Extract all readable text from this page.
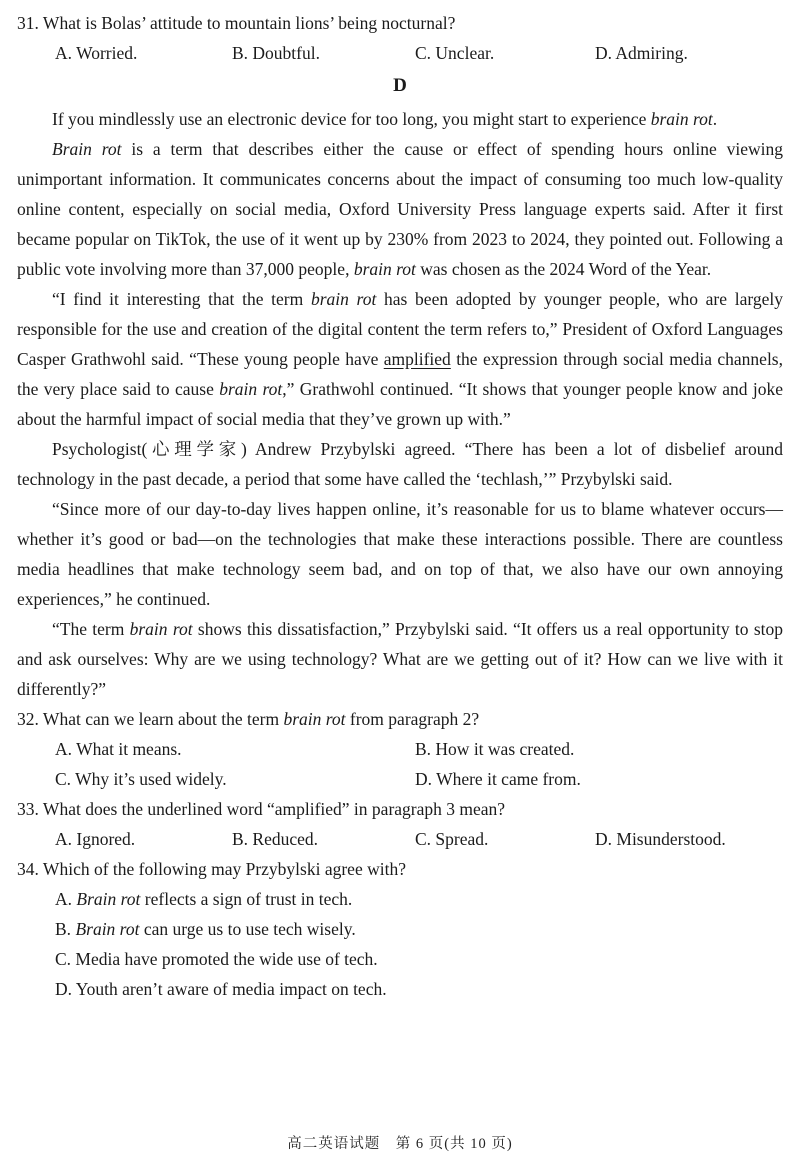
31. What is Bolas’ attitude to mountain lions’ being nocturnal?

A. Worried.	B. Doubtful.	C. Unclear.	D. Admiring.
D

If you mindlessly use an electronic device for too long, you might start to experience brain rot.

Brain rot is a term that describes either the cause or effect of spending hours online viewing unimportant information. It communicates concerns about the impact of consuming too much low-quality online content, especially on social media, Oxford University Press language experts said. After it first became popular on TikTok, the use of it went up by 230% from 2023 to 2024, they pointed out. Following a public vote involving more than 37,000 people, brain rot was chosen as the 2024 Word of the Year.

“I find it interesting that the term brain rot has been adopted by younger people, who are largely responsible for the use and creation of the digital content the term refers to,” President of Oxford Languages Casper Grathwohl said. “These young people have amplified the expression through social media channels, the very place said to cause brain rot,” Grathwohl continued. “It shows that younger people know and joke about the harmful impact of social media that they’ve grown up with.”

Psychologist(心理学家) Andrew Przybylski agreed. “There has been a lot of disbelief around technology in the past decade, a period that some have called the ‘techlash,’” Przybylski said.

“Since more of our day-to-day lives happen online, it’s reasonable for us to blame whatever occurs—whether it’s good or bad—on the technologies that make these interactions possible. There are countless media headlines that make technology seem bad, and on top of that, we also have our own annoying experiences,” he continued.

“The term brain rot shows this dissatisfaction,” Przybylski said. “It offers us a real opportunity to stop and ask ourselves: Why are we using technology? What are we getting out of it? How can we live with it differently?”

32. What can we learn about the term brain rot from paragraph 2?

A. What it means.	B. How it was created.
C. Why it’s used widely.	D. Where it came from.

33. What does the underlined word “amplified” in paragraph 3 mean?

A. Ignored.	B. Reduced.	C. Spread.	D. Misunderstood.

34. Which of the following may Przybylski agree with?

A. Brain rot reflects a sign of trust in tech.
B. Brain rot can urge us to use tech wisely.
C. Media have promoted the wide use of tech.
D. Youth aren’t aware of media impact on tech.
高二英语试题　第 6 页(共 10 页)
